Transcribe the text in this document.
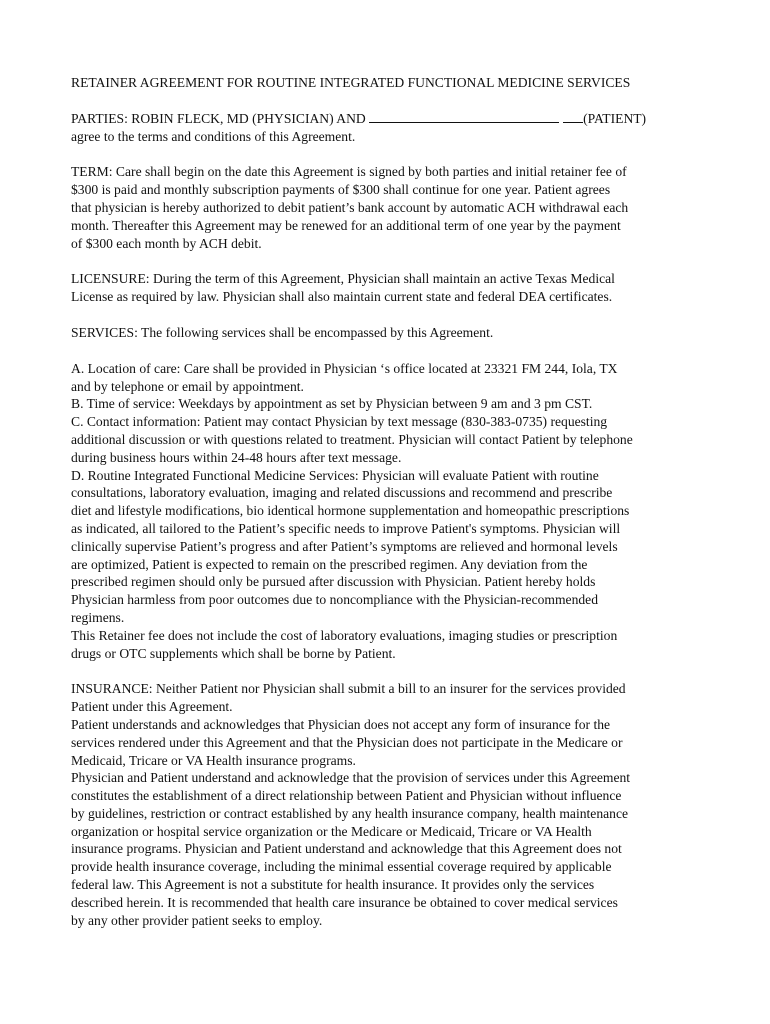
RETAINER AGREEMENT FOR ROUTINE INTEGRATED FUNCTIONAL MEDICINE SERVICES

PARTIES: ROBIN FLECK, MD (PHYSICIAN) AND	(PATIENT)

agree to the terms and conditions of this Agreement.

TERM: Care shall begin on the date this Agreement is signed by both parties and initial retainer fee of
$300 is paid and monthly subscription payments of $300 shall continue for one year. Patient agrees
that physician is hereby authorized to debit patient’s bank account by automatic ACH withdrawal each
month. Thereafter this Agreement may be renewed for an additional term of one year by the payment
of $300 each month by ACH debit.

LICENSURE: During the term of this Agreement, Physician shall maintain an active Texas Medical
License as required by law. Physician shall also maintain current state and federal DEA certificates.

SERVICES: The following services shall be encompassed by this Agreement.

A. Location of care: Care shall be provided in Physician ‘s office located at 23321 FM 244, Iola, TX
and by telephone or email by appointment.

B. Time of service: Weekdays by appointment as set by Physician between 9 am and 3 pm CST.

C. Contact information: Patient may contact Physician by text message (830-383-0735) requesting
additional discussion or with questions related to treatment. Physician will contact Patient by telephone
during business hours within 24-48 hours after text message.

D. Routine Integrated Functional Medicine Services: Physician will evaluate Patient with routine
consultations, laboratory evaluation, imaging and related discussions and recommend and prescribe
diet and lifestyle modifications, bio identical hormone supplementation and homeopathic prescriptions
as indicated, all tailored to the Patient’s specific needs to improve Patient's symptoms. Physician will
clinically supervise Patient’s progress and after Patient’s symptoms are relieved and hormonal levels
are optimized, Patient is expected to remain on the prescribed regimen. Any deviation from the
prescribed regimen should only be pursued after discussion with Physician. Patient hereby holds
Physician harmless from poor outcomes due to noncompliance with the Physician-recommended
regimens.

This Retainer fee does not include the cost of laboratory evaluations, imaging studies or prescription
drugs or OTC supplements which shall be borne by Patient.

INSURANCE: Neither Patient nor Physician shall submit a bill to an insurer for the services provided
Patient under this Agreement.

Patient understands and acknowledges that Physician does not accept any form of insurance for the
services rendered under this Agreement and that the Physician does not participate in the Medicare or
Medicaid, Tricare or VA Health insurance programs.

Physician and Patient understand and acknowledge that the provision of services under this Agreement
constitutes the establishment of a direct relationship between Patient and Physician without influence
by guidelines, restriction or contract established by any health insurance company, health maintenance
organization or hospital service organization or the Medicare or Medicaid, Tricare or VA Health
insurance programs. Physician and Patient understand and acknowledge that this Agreement does not
provide health insurance coverage, including the minimal essential coverage required by applicable
federal law. This Agreement is not a substitute for health insurance. It provides only the services
described herein. It is recommended that health care insurance be obtained to cover medical services
by any other provider patient seeks to employ.
